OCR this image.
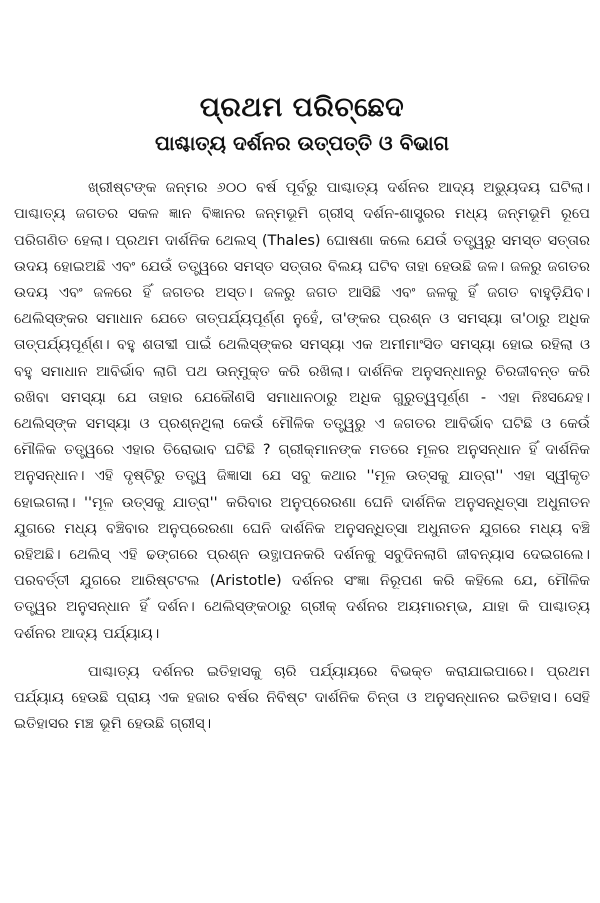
ପ୍ରଥମ ପରିଚ୍ଛେଦ
ପାଶ୍ଚାତ୍ୟ ଦର୍ଶନର ଉତ୍ପତ୍ତି ଓ ବିଭାଗ

ଖ୍ରୀଷ୍ଟଙ୍କ ଜନ୍ମର ୬୦୦ ବର୍ଷ ପୂର୍ବରୁ ପାଶ୍ଚାତ୍ୟ ଦର୍ଶନର ଆଦ୍ୟ ଅଭ୍ୟୁଦୟ ଘଟିଲା। ପାଶ୍ଚାତ୍ୟ ଜଗତର ସକଳ ଜ୍ଞାନ ବିଜ୍ଞାନର ଜନ୍ମଭୂମି ଗ୍ରୀସ୍ ଦର୍ଶନ-ଶାସ୍ତ୍ରର ମଧ୍ୟ ଜନ୍ମଭୂମି ରୂପେ ପରିଗଣିତ ହେଲା। ପ୍ରଥମ ଦାର୍ଶନିକ ଥେଲସ୍ (Thales) ଘୋଷଣା କଲେ ଯେଉଁ ତତ୍ତ୍ୱରୁ ସମସ୍ତ ସତ୍ତାର ଉଦୟ ହୋଇଅଛି ଏବଂ ଯେଉଁ ତତ୍ତ୍ୱରେ ସମସ୍ତ ସତ୍ତାର ବିଲୟ ଘଟିବ ତାହା ହେଉଛି ଜଳ। ଜଳରୁ ଜଗତର ଉଦୟ ଏବଂ ଜଳରେ ହିଁ ଜଗତର ଅସ୍ତ। ଜଳରୁ ଜଗତ ଆସିଛି ଏବଂ ଜଳକୁ ହିଁ ଜଗତ ବାହୁଡ଼ିଯିବ। ଥେଲିସ୍ଙ୍କର ସମାଧାନ ଯେତେ ତାତ୍ପର୍ଯ୍ୟପୂର୍ଣ୍ଣ ନୁହେଁ, ତା'ଙ୍କର ପ୍ରଶ୍ନ ଓ ସମସ୍ୟା ତା'ଠାରୁ ଅଧିକ ତାତ୍ପର୍ଯ୍ୟପୂର୍ଣ୍ଣ। ବହୁ ଶତାବ୍ଦୀ ପାଇଁ ଥେଲିସ୍ଙ୍କର ସମସ୍ୟା ଏକ ଅମୀମାଂସିତ ସମସ୍ୟା ହୋଇ ରହିଲା ଓ ବହୁ ସମାଧାନ ଆବିର୍ଭାବ ଲାଗି ପଥ ଉନ୍ମୁକ୍ତ କରି ରଖିଲା। ଦାର୍ଶନିକ ଅନୁସନ୍ଧାନରୁ ଚିରଜୀବନ୍ତ କରି ରଖିବା ସମସ୍ୟା ଯେ ତାହାର ଯେକୌଣସି ସମାଧାନଠାରୁ ଅଧିକ ଗୁରୁତ୍ୱପୂର୍ଣ୍ଣ - ଏହା ନିଃସନ୍ଦେହ। ଥେଲିସ୍ଙ୍କ ସମସ୍ୟା ଓ ପ୍ରଶ୍ନଥିଲା କେଉଁ ମୌଳିକ ତତ୍ତ୍ୱରୁ ଏ ଜଗତର ଆବିର୍ଭାବ ଘଟିଛି ଓ କେଉଁ ମୌଳିକ ତତ୍ତ୍ୱରେ ଏହାର ତିରୋଭାବ ଘଟିଛି ? ଗ୍ରୀକ୍ମାନଙ୍କ ମତରେ ମୂଳର ଅନୁସନ୍ଧାନ ହିଁ ଦାର୍ଶନିକ ଅନୁସନ୍ଧାନ। ଏହି ଦୃଷ୍ଟିରୁ ତତ୍ତ୍ୱ ଜିଜ୍ଞାସା ଯେ ସବୁ କଥାର ''ମୂଳ ଉତ୍ସକୁ ଯାତ୍ରା'' ଏହା ସ୍ୱୀକୃତ ହୋଇଗଲା। ''ମୂଳ ଉତ୍ସକୁ ଯାତ୍ରା'' କରିବାର ଅନୁପ୍ରେରଣା ଘେନି ଦାର୍ଶନିକ ଅନୁସନ୍ଧିତ୍ସା ଅଧୁନାତନ ଯୁଗରେ ମଧ୍ୟ ବଞ୍ଚିବାର ଅନୁପ୍ରେରଣା ଘେନି ଦାର୍ଶନିକ ଅନୁସନ୍ଧିତ୍ସା ଅଧୁନାତନ ଯୁଗରେ ମଧ୍ୟ ବଞ୍ଚି ରହିଅଛି। ଥେଲିସ୍ ଏହି ଢଙ୍ଗରେ ପ୍ରଶ୍ନ ଉତ୍ଥାପନକରି ଦର୍ଶନକୁ ସବୁଦିନଲାଗି ଜୀବନ୍ୟାସ ଦେଇଗଲେ। ପରବର୍ତ୍ତୀ ଯୁଗରେ ଆରିଷ୍ଟଟଲ (Aristotle) ଦର୍ଶନର ସଂଜ୍ଞା ନିରୂପଣ କରି କହିଲେ ଯେ, ମୌଳିକ ତତ୍ତ୍ୱର ଅନୁସନ୍ଧାନ ହିଁ ଦର୍ଶନ। ଥେଲିସ୍ଙ୍କଠାରୁ ଗ୍ରୀକ୍ ଦର୍ଶନର ଅୟମାରମ୍ଭ, ଯାହା କି ପାଶ୍ଚାତ୍ୟ ଦର୍ଶନର ଆଦ୍ୟ ପର୍ଯ୍ୟାୟ।

ପାଶ୍ଚାତ୍ୟ ଦର୍ଶନର ଇତିହାସକୁ ଚାରି ପର୍ଯ୍ୟାୟରେ ବିଭକ୍ତ କରାଯାଇପାରେ। ପ୍ରଥମ ପର୍ଯ୍ୟାୟ ହେଉଛି ପ୍ରାୟ ଏକ ହଜାର ବର୍ଷର ନିବିଷ୍ଟ ଦାର୍ଶନିକ ଚିନ୍ତା ଓ ଅନୁସନ୍ଧାନର ଇତିହାସ। ସେହି ଇତିହାସର ମଞ୍ଚ ଭୂମି ହେଉଛି ଗ୍ରୀସ୍।
